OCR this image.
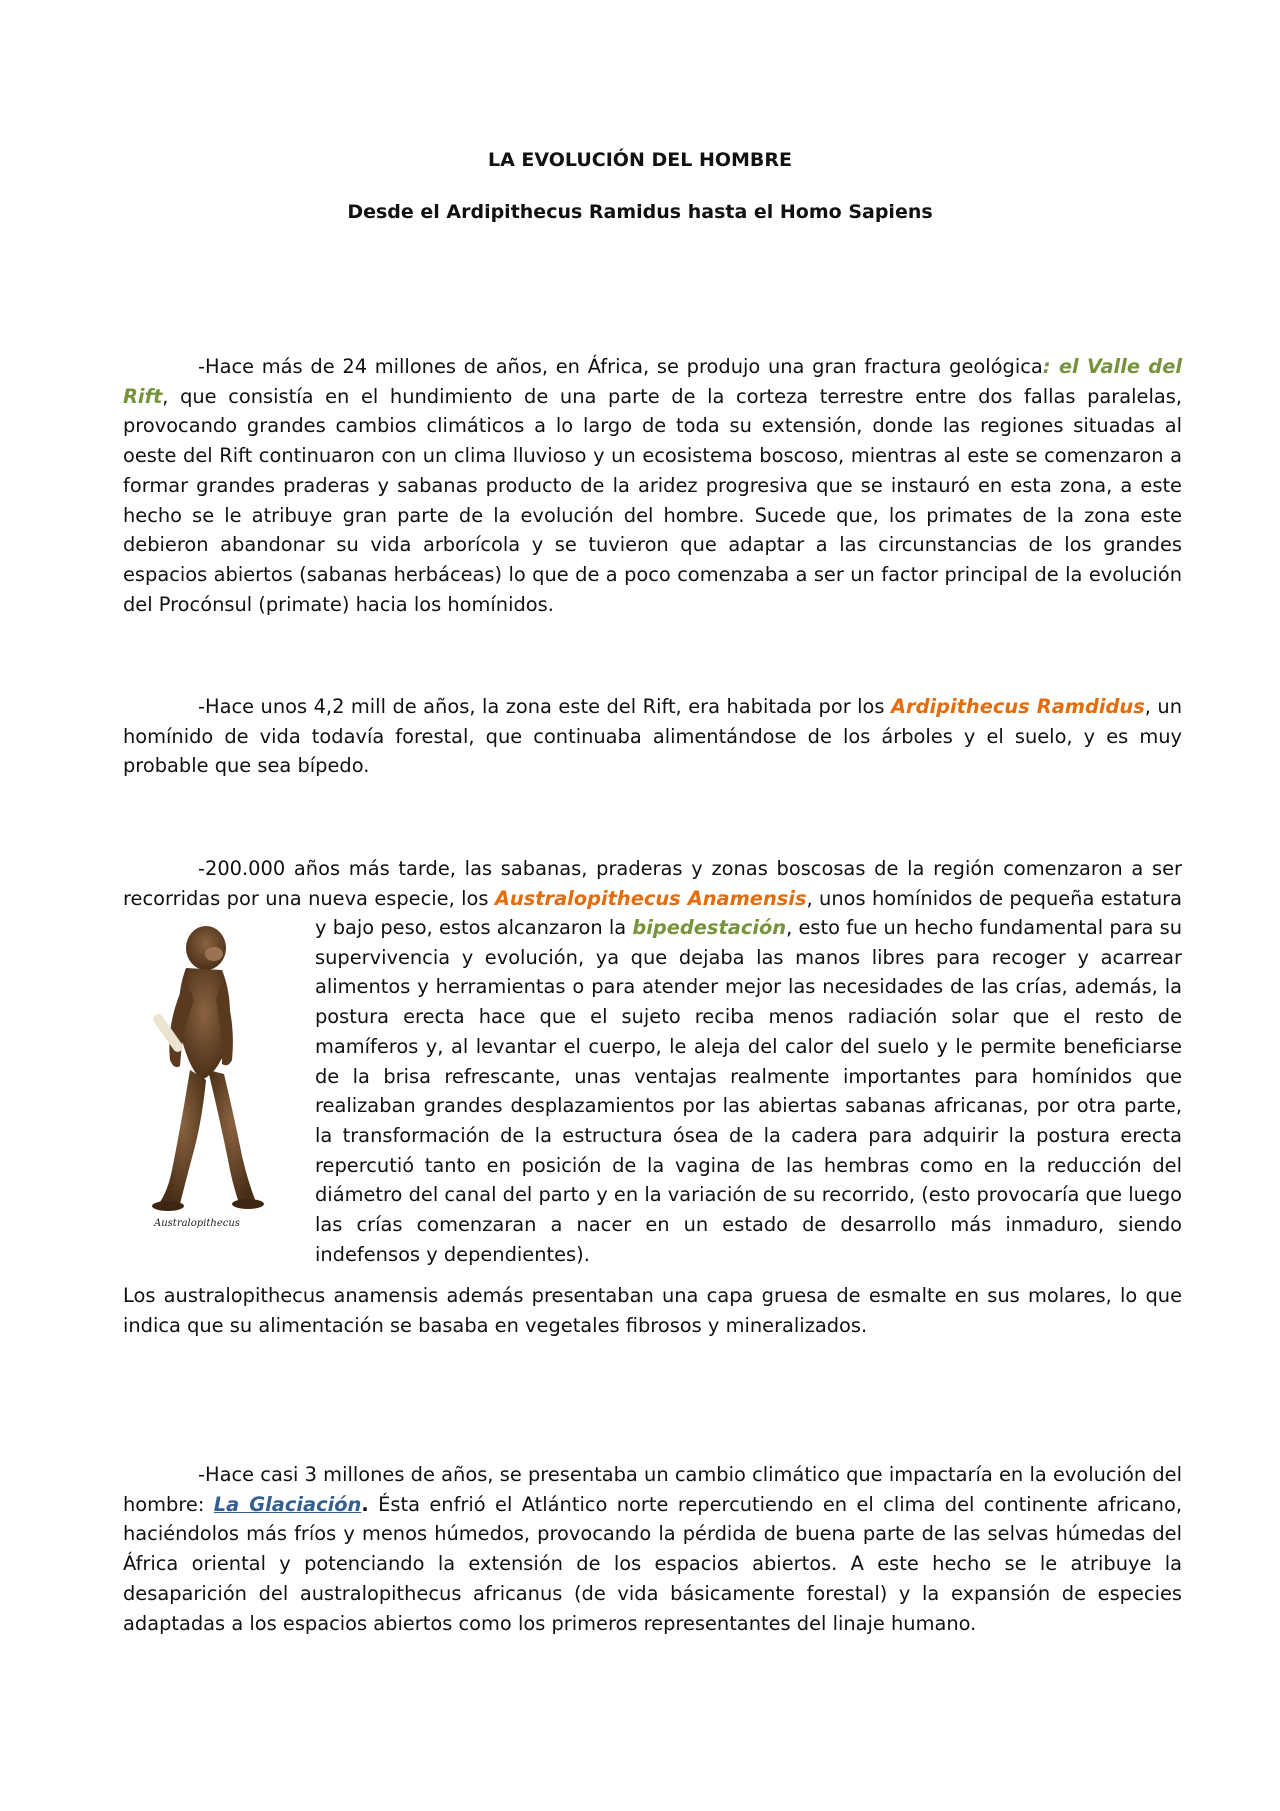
LA EVOLUCIÓN DEL HOMBRE
Desde el Ardipithecus Ramidus hasta el Homo Sapiens

-Hace más de 24 millones de años, en África, se produjo una gran fractura geológica: el Valle del Rift, que consistía en el hundimiento de una parte de la corteza terrestre entre dos fallas paralelas, provocando grandes cambios climáticos a lo largo de toda su extensión, donde las regiones situadas al oeste del Rift continuaron con un clima lluvioso y un ecosistema boscoso, mientras al este se comenzaron a formar grandes praderas y sabanas producto de la aridez progresiva que se instauró en esta zona, a este hecho se le atribuye gran parte de la evolución del hombre. Sucede que, los primates de la zona este debieron abandonar su vida arborícola y se tuvieron que adaptar a las circunstancias de los grandes espacios abiertos (sabanas herbáceas) lo que de a poco comenzaba a ser un factor principal de la evolución del Procónsul (primate) hacia los homínidos.

-Hace unos 4,2 mill de años, la zona este del Rift, era habitada por los Ardipithecus Ramdidus, un homínido de vida todavía forestal, que continuaba alimentándose de los árboles y el suelo, y es muy probable que sea bípedo.

-200.000 años más tarde, las sabanas, praderas y zonas boscosas de la región comenzaron a ser recorridas por una nueva especie, los Australopithecus Anamensis, unos homínidos de pequeña estatura

Australopithecus

y bajo peso, estos alcanzaron la bipedestación, esto fue un hecho fundamental para su supervivencia y evolución, ya que dejaba las manos libres para recoger y acarrear alimentos y herramientas o para atender mejor las necesidades de las crías, además, la postura erecta hace que el sujeto reciba menos radiación solar que el resto de mamíferos y, al levantar el cuerpo, le aleja del calor del suelo y le permite beneficiarse de la brisa refrescante, unas ventajas realmente importantes para homínidos que realizaban grandes desplazamientos por las abiertas sabanas africanas, por otra parte, la transformación de la estructura ósea de la cadera para adquirir la postura erecta repercutió tanto en posición de la vagina de las hembras como en la reducción del diámetro del canal del parto y en la variación de su recorrido, (esto provocaría que luego las crías comenzaran a nacer en un estado de desarrollo más inmaduro, siendo indefensos y dependientes).

Los australopithecus anamensis además presentaban una capa gruesa de esmalte en sus molares, lo que indica que su alimentación se basaba en vegetales fibrosos y mineralizados.

-Hace casi 3 millones de años, se presentaba un cambio climático que impactaría en la evolución del hombre: La Glaciación. Ésta enfrió el Atlántico norte repercutiendo en el clima del continente africano, haciéndolos más fríos y menos húmedos, provocando la pérdida de buena parte de las selvas húmedas del África oriental y potenciando la extensión de los espacios abiertos. A este hecho se le atribuye la desaparición del australopithecus africanus (de vida básicamente forestal) y la expansión de especies adaptadas a los espacios abiertos como los primeros representantes del linaje humano.
